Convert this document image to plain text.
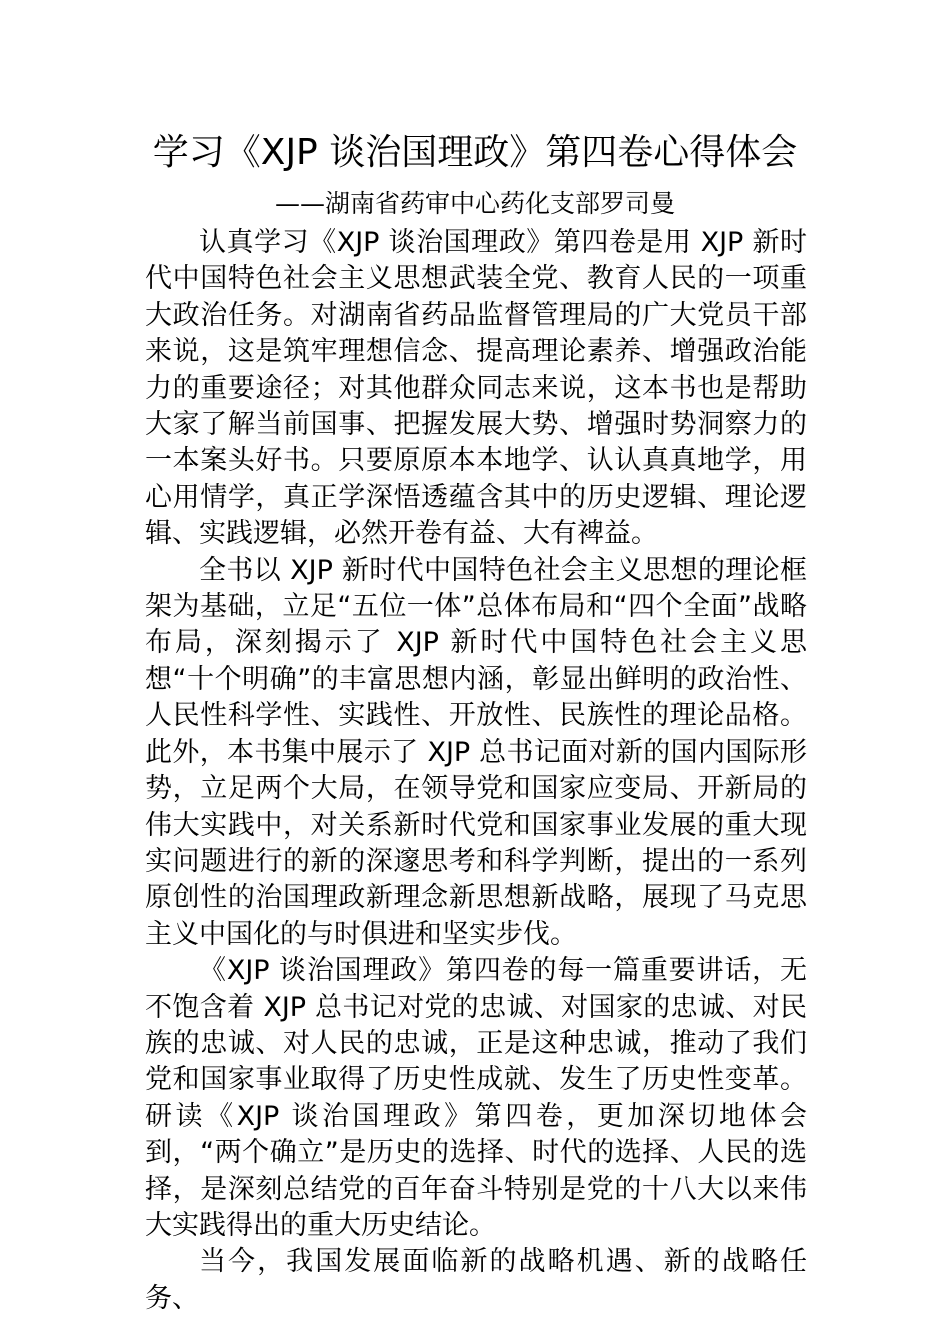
学习《XJP 谈治国理政》第四卷心得体会
——湖南省药审中心药化支部罗司曼

认真学习《XJP 谈治国理政》第四卷是用 XJP 新时代中国特色社会主义思想武装全党、教育人民的一项重大政治任务。对湖南省药品监督管理局的广大党员干部来说，这是筑牢理想信念、提高理论素养、增强政治能力的重要途径；对其他群众同志来说，这本书也是帮助大家了解当前国事、把握发展大势、增强时势洞察力的一本案头好书。只要原原本本地学、认认真真地学，用心用情学，真正学深悟透蕴含其中的历史逻辑、理论逻辑、实践逻辑，必然开卷有益、大有裨益。

全书以 XJP 新时代中国特色社会主义思想的理论框架为基础，立足“五位一体”总体布局和“四个全面”战略布局，深刻揭示了 XJP 新时代中国特色社会主义思想“十个明确”的丰富思想内涵，彰显出鲜明的政治性、人民性科学性、实践性、开放性、民族性的理论品格。此外，本书集中展示了 XJP 总书记面对新的国内国际形势，立足两个大局，在领导党和国家应变局、开新局的伟大实践中，对关系新时代党和国家事业发展的重大现实问题进行的新的深邃思考和科学判断，提出的一系列原创性的治国理政新理念新思想新战略，展现了马克思主义中国化的与时俱进和坚实步伐。

《XJP 谈治国理政》第四卷的每一篇重要讲话，无不饱含着 XJP 总书记对党的忠诚、对国家的忠诚、对民族的忠诚、对人民的忠诚，正是这种忠诚，推动了我们党和国家事业取得了历史性成就、发生了历史性变革。研读《XJP 谈治国理政》第四卷，更加深切地体会到，“两个确立”是历史的选择、时代的选择、人民的选择，是深刻总结党的百年奋斗特别是党的十八大以来伟大实践得出的重大历史结论。

当今，我国发展面临新的战略机遇、新的战略任务、
